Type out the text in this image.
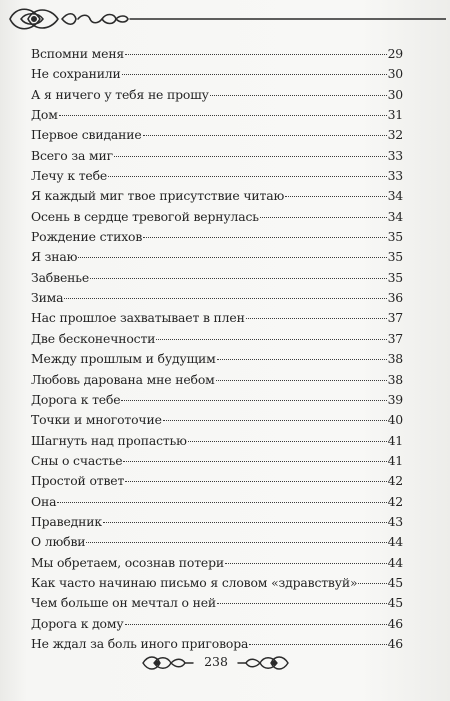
Вспомни меня	29
Не сохранили	30
А я ничего у тебя не прошу	30
Дом	31
Первое свидание	32
Всего за миг	33
Лечу к тебе	33
Я каждый миг твое присутствие читаю	34
Осень в сердце тревогой вернулась	34
Рождение стихов	35
Я знаю	35
Забвенье	35
Зима	36
Нас прошлое захватывает в плен	37
Две бесконечности	37
Между прошлым и будущим	38
Любовь дарована мне небом	38
Дорога к тебе	39
Точки и многоточие	40
Шагнуть над пропастью	41
Сны о счастье	41
Простой ответ	42
Она	42
Праведник	43
О любви	44
Мы обретаем, осознав потери	44
Как часто начинаю письмо я словом «здравствуй» 45
Чем больше он мечтал о ней	45
Дорога к дому	46
Не ждал за боль иного приговора	46
238
